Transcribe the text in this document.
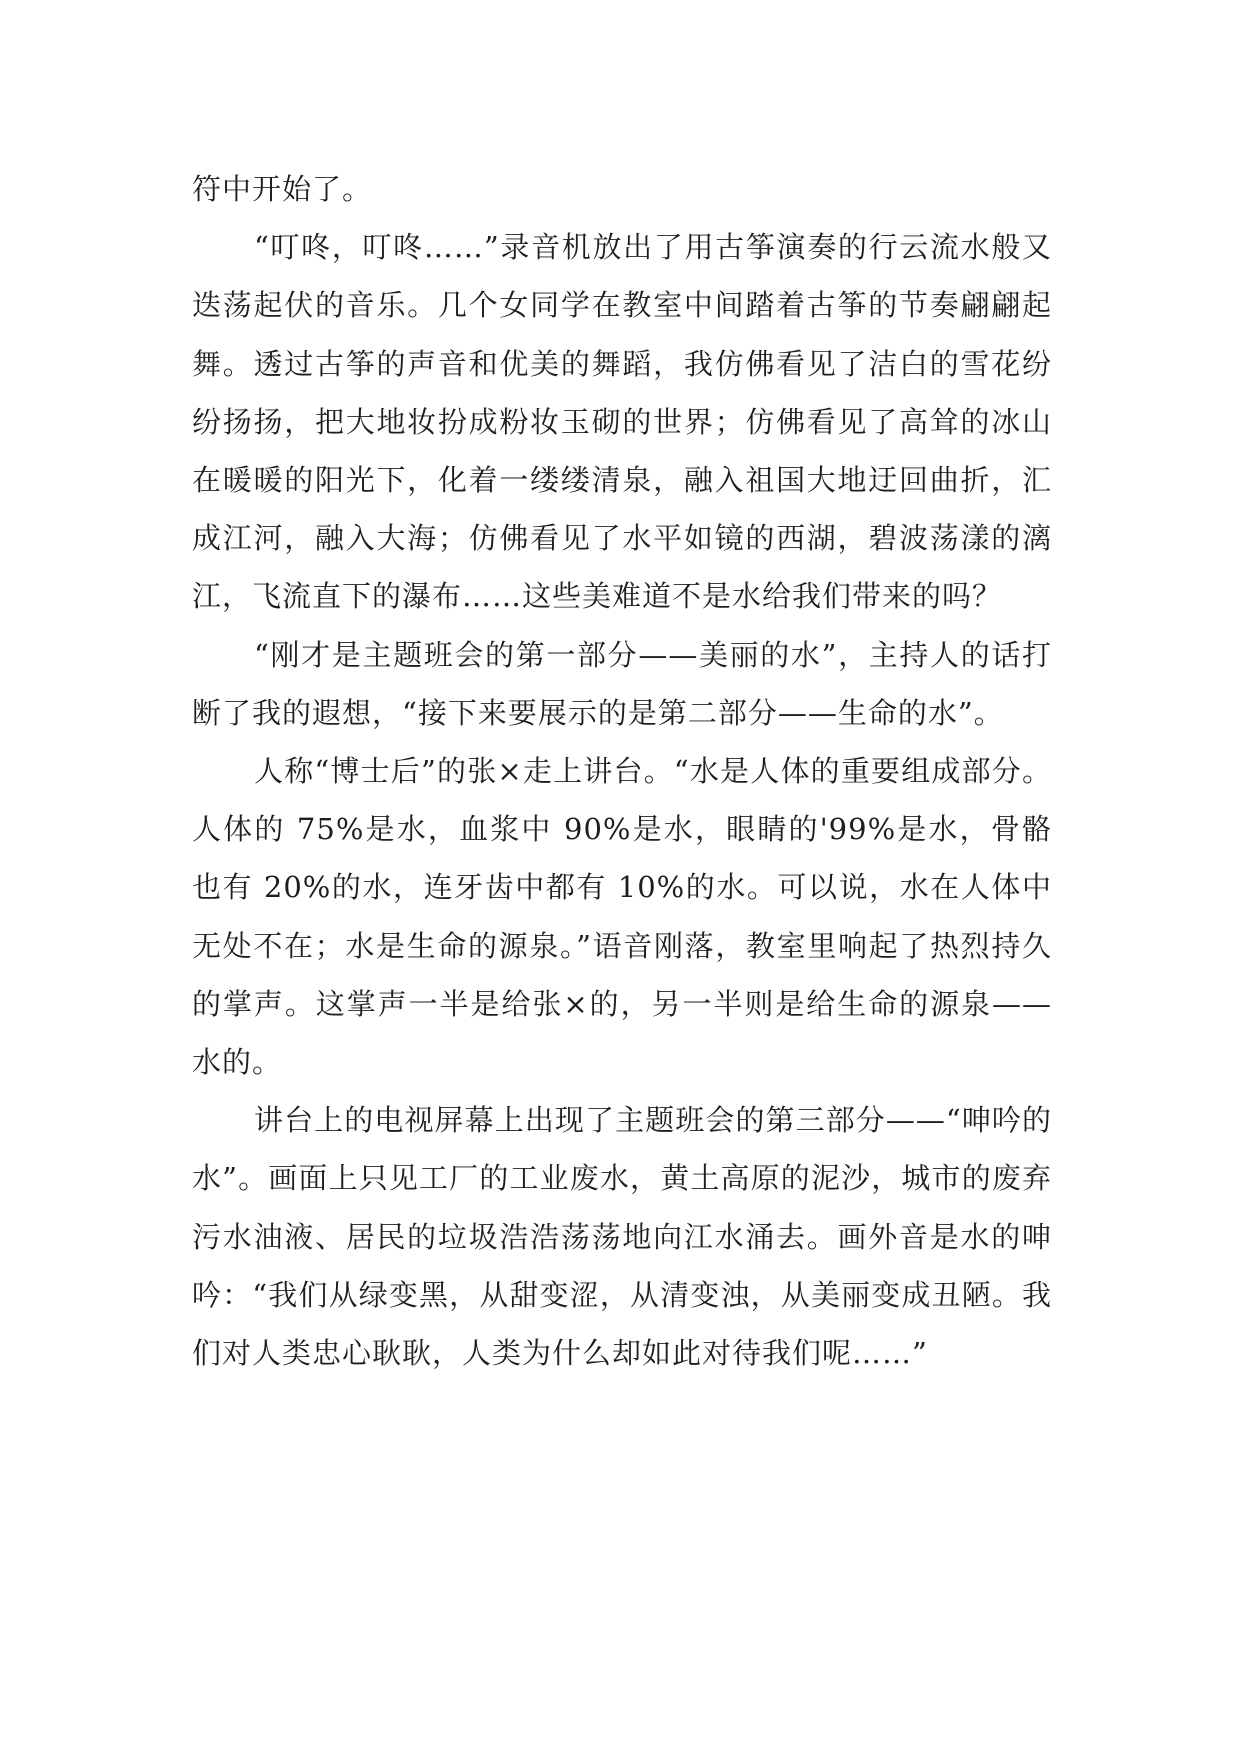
符中开始了。

“叮咚，叮咚……”录音机放出了用古筝演奏的行云流水般又迭荡起伏的音乐。几个女同学在教室中间踏着古筝的节奏翩翩起舞。透过古筝的声音和优美的舞蹈，我仿佛看见了洁白的雪花纷纷扬扬，把大地妆扮成粉妆玉砌的世界；仿佛看见了高耸的冰山在暖暖的阳光下，化着一缕缕清泉，融入祖国大地迂回曲折，汇成江河，融入大海；仿佛看见了水平如镜的西湖，碧波荡漾的漓江，飞流直下的瀑布……这些美难道不是水给我们带来的吗？

“刚才是主题班会的第一部分——美丽的水”，主持人的话打断了我的遐想，“接下来要展示的是第二部分——生命的水”。

人称“博士后”的张×走上讲台。“水是人体的重要组成部分。人体的 75%是水，血浆中 90%是水，眼睛的'99%是水，骨骼也有 20%的水，连牙齿中都有 10%的水。可以说，水在人体中无处不在；水是生命的源泉。”语音刚落，教室里响起了热烈持久的掌声。这掌声一半是给张×的，另一半则是给生命的源泉——水的。

讲台上的电视屏幕上出现了主题班会的第三部分——“呻吟的水”。画面上只见工厂的工业废水，黄土高原的泥沙，城市的废弃污水油液、居民的垃圾浩浩荡荡地向江水涌去。画外音是水的呻吟：“我们从绿变黑，从甜变涩，从清变浊，从美丽变成丑陋。我们对人类忠心耿耿，人类为什么却如此对待我们呢……”
